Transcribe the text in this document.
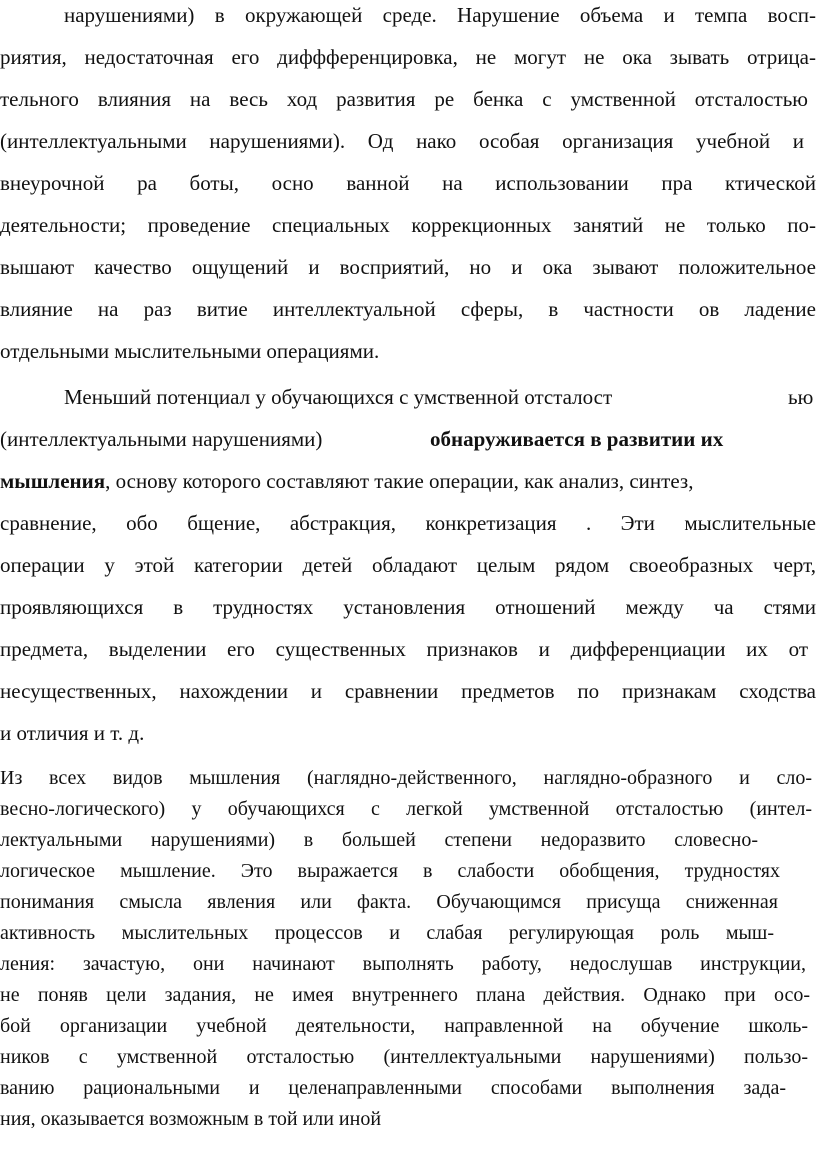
нарушениями) в окружающей среде. Нарушение объема и темпа восп-
риятия, недостаточная его диффференцировка, не могут не ока зывать отрица-
тельного влияния на весь ход развития ре бенка с умственной отсталостью
(интеллектуальными нарушениями). Од нако особая организация учебной и
внеурочной ра боты, осно ванной на использовании пра ктической
деятельности; проведение специальных коррекционных занятий не только по-
вышают качество ощущений и восприятий, но и ока зывают положительное
влияние на раз витие интеллектуальной сферы, в частности ов ладение
отдельными мыслительными операциями.
Меньший потенциал у обучающихся с умственной отсталост	ью
(интеллектуальными нарушениями)	обнаруживается в развитии их
мышления, основу которого составляют такие операции, как анализ, синтез,
сравнение, обо бщение, абстракция, конкретизация . Эти мыслительные
операции у этой категории детей обладают целым рядом своеобразных черт,
проявляющихся в трудностях установления отношений между ча стями
предмета, выделении его существенных признаков и дифференциации их от
несущественных, нахождении и сравнении предметов по признакам сходства
и отличия и т. д.
Из всех видов мышления (наглядно-действенного, наглядно-образного и сло-
весно-логического) у обучающихся с легкой умственной отсталостью (интел-
лектуальными нарушениями) в большей степени недоразвито словесно-
логическое мышление. Это выражается в слабости обобщения, трудностях
понимания смысла явления или факта. Обучающимся присуща сниженная
активность мыслительных процессов и слабая регулирующая роль мыш-
ления: зачастую, они начинают выполнять работу, недослушав инструкции,
не поняв цели задания, не имея внутреннего плана действия. Однако при осо-
бой организации учебной деятельности, направленной на обучение школь-
ников с умственной отсталостью (интеллектуальными нарушениями) пользо-
ванию рациональными и целенаправленными способами выполнения зада-
ния, оказывается возможным в той или иной
